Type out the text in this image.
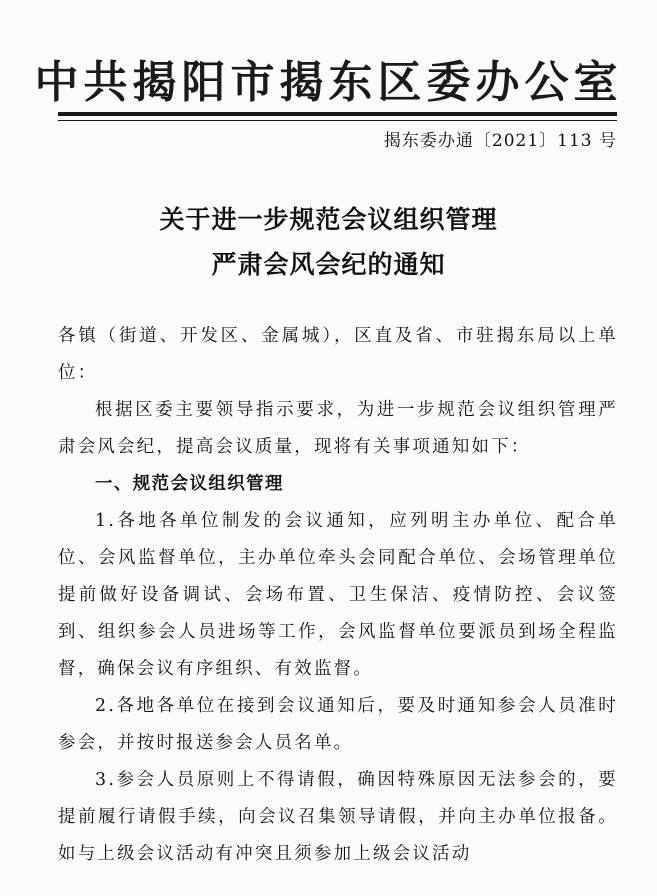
中共揭阳市揭东区委办公室
揭东委办通〔2021〕113 号
关于进一步规范会议组织管理
严肃会风会纪的通知

各镇（街道、开发区、金属城），区直及省、市驻揭东局以上单位：

根据区委主要领导指示要求，为进一步规范会议组织管理严肃会风会纪，提高会议质量，现将有关事项通知如下：

一、规范会议组织管理

1.各地各单位制发的会议通知，应列明主办单位、配合单位、会风监督单位，主办单位牵头会同配合单位、会场管理单位提前做好设备调试、会场布置、卫生保洁、疫情防控、会议签到、组织参会人员进场等工作，会风监督单位要派员到场全程监督，确保会议有序组织、有效监督。

2.各地各单位在接到会议通知后，要及时通知参会人员准时参会，并按时报送参会人员名单。

3.参会人员原则上不得请假，确因特殊原因无法参会的，要提前履行请假手续，向会议召集领导请假，并向主办单位报备。如与上级会议活动有冲突且须参加上级会议活动
